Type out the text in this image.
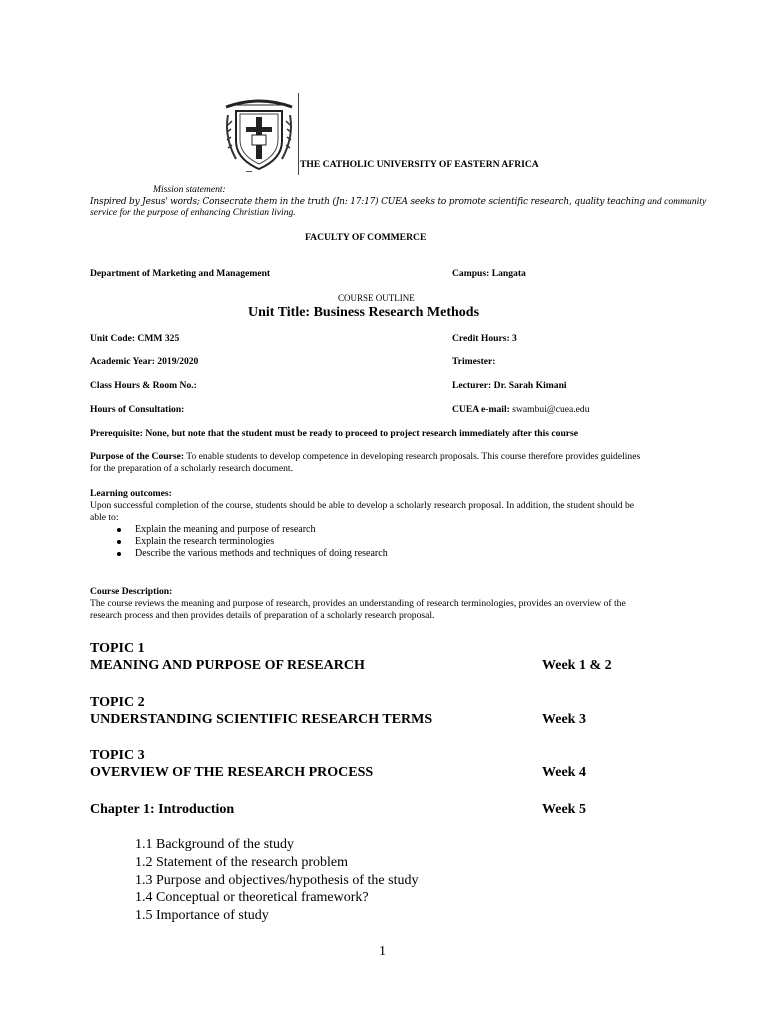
THE CATHOLIC UNIVERSITY OF EASTERN AFRICA
Mission statement:
Inspired by Jesus' words; Consecrate them in the truth (Jn: 17:17) CUEA seeks to promote scientific research, quality teaching and community
service for the purpose of enhancing Christian living.
FACULTY OF COMMERCE
Department of Marketing and Management	Campus: Langata
COURSE OUTLINE
Unit Title: Business Research Methods
Unit Code: CMM 325	Credit Hours: 3
Academic Year: 2019/2020	Trimester:
Class Hours & Room No.:	Lecturer: Dr. Sarah Kimani
Hours of Consultation:	CUEA e-mail: swambui@cuea.edu
Prerequisite: None, but note that the student must be ready to proceed to project research immediately after this course
Purpose of the Course: To enable students to develop competence in developing research proposals. This course therefore provides guidelines
for the preparation of a scholarly research document.
Learning outcomes:
Upon successful completion of the course, students should be able to develop a scholarly research proposal. In addition, the student should be
able to:
Explain the meaning and purpose of research
Explain the research terminologies
Describe the various methods and techniques of doing research
Course Description:
The course reviews the meaning and purpose of research, provides an understanding of research terminologies, provides an overview of the
research process and then provides details of preparation of a scholarly research proposal.
TOPIC 1
MEANING AND PURPOSE OF RESEARCH	Week 1 & 2
TOPIC 2
UNDERSTANDING SCIENTIFIC RESEARCH TERMS	Week 3
TOPIC 3
OVERVIEW OF THE RESEARCH PROCESS	Week 4
Chapter 1: Introduction	Week 5
1.1 Background of the study
1.2 Statement of the research problem
1.3 Purpose and objectives/hypothesis of the study
1.4 Conceptual or theoretical framework?
1.5 Importance of study
1
